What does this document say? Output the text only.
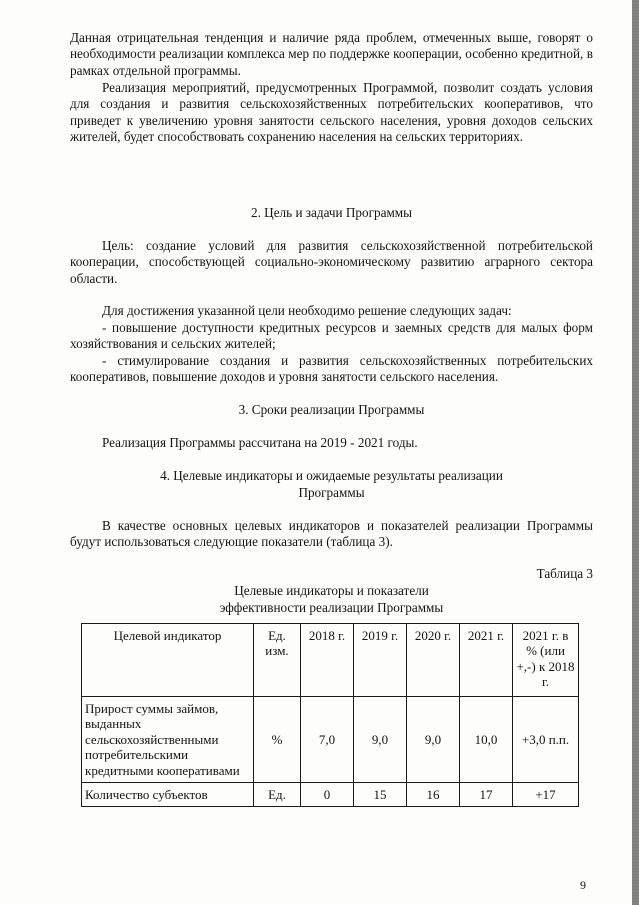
Данная отрицательная тенденция и наличие ряда проблем, отмеченных выше, говорят о необходимости реализации комплекса мер по поддержке кооперации, особенно кредитной, в рамках отдельной программы.

Реализация мероприятий, предусмотренных Программой, позволит создать условия для создания и развития сельскохозяйственных потребительских кооперативов, что приведет к увеличению уровня занятости сельского населения, уровня доходов сельских жителей, будет способствовать сохранению населения на сельских территориях.

2. Цель и задачи Программы

Цель: создание условий для развития сельскохозяйственной потребительской кооперации, способствующей социально-экономическому развитию аграрного сектора области.

Для достижения указанной цели необходимо решение следующих задач:

- повышение доступности кредитных ресурсов и заемных средств для малых форм хозяйствования и сельских жителей;

- стимулирование создания и развития сельскохозяйственных потребительских кооперативов, повышение доходов и уровня занятости сельского населения.

3. Сроки реализации Программы

Реализация Программы рассчитана на 2019 - 2021 годы.

4. Целевые индикаторы и ожидаемые результаты реализации

Программы

В качестве основных целевых индикаторов и показателей реализации Программы будут использоваться следующие показатели (таблица 3).

Таблица 3

Целевые индикаторы и показатели

эффективности реализации Программы

Целевой индикатор	Ед. изм.	2018 г.	2019 г.	2020 г.	2021 г.	2021 г. в % (или +,-) к 2018 г.
Прирост суммы займов, выданных сельскохозяйственными потребительскими кредитными кооперативами	%	7,0	9,0	9,0	10,0	+3,0 п.п.
Количество субъектов	Ед.	0	15	16	17	+17

9
